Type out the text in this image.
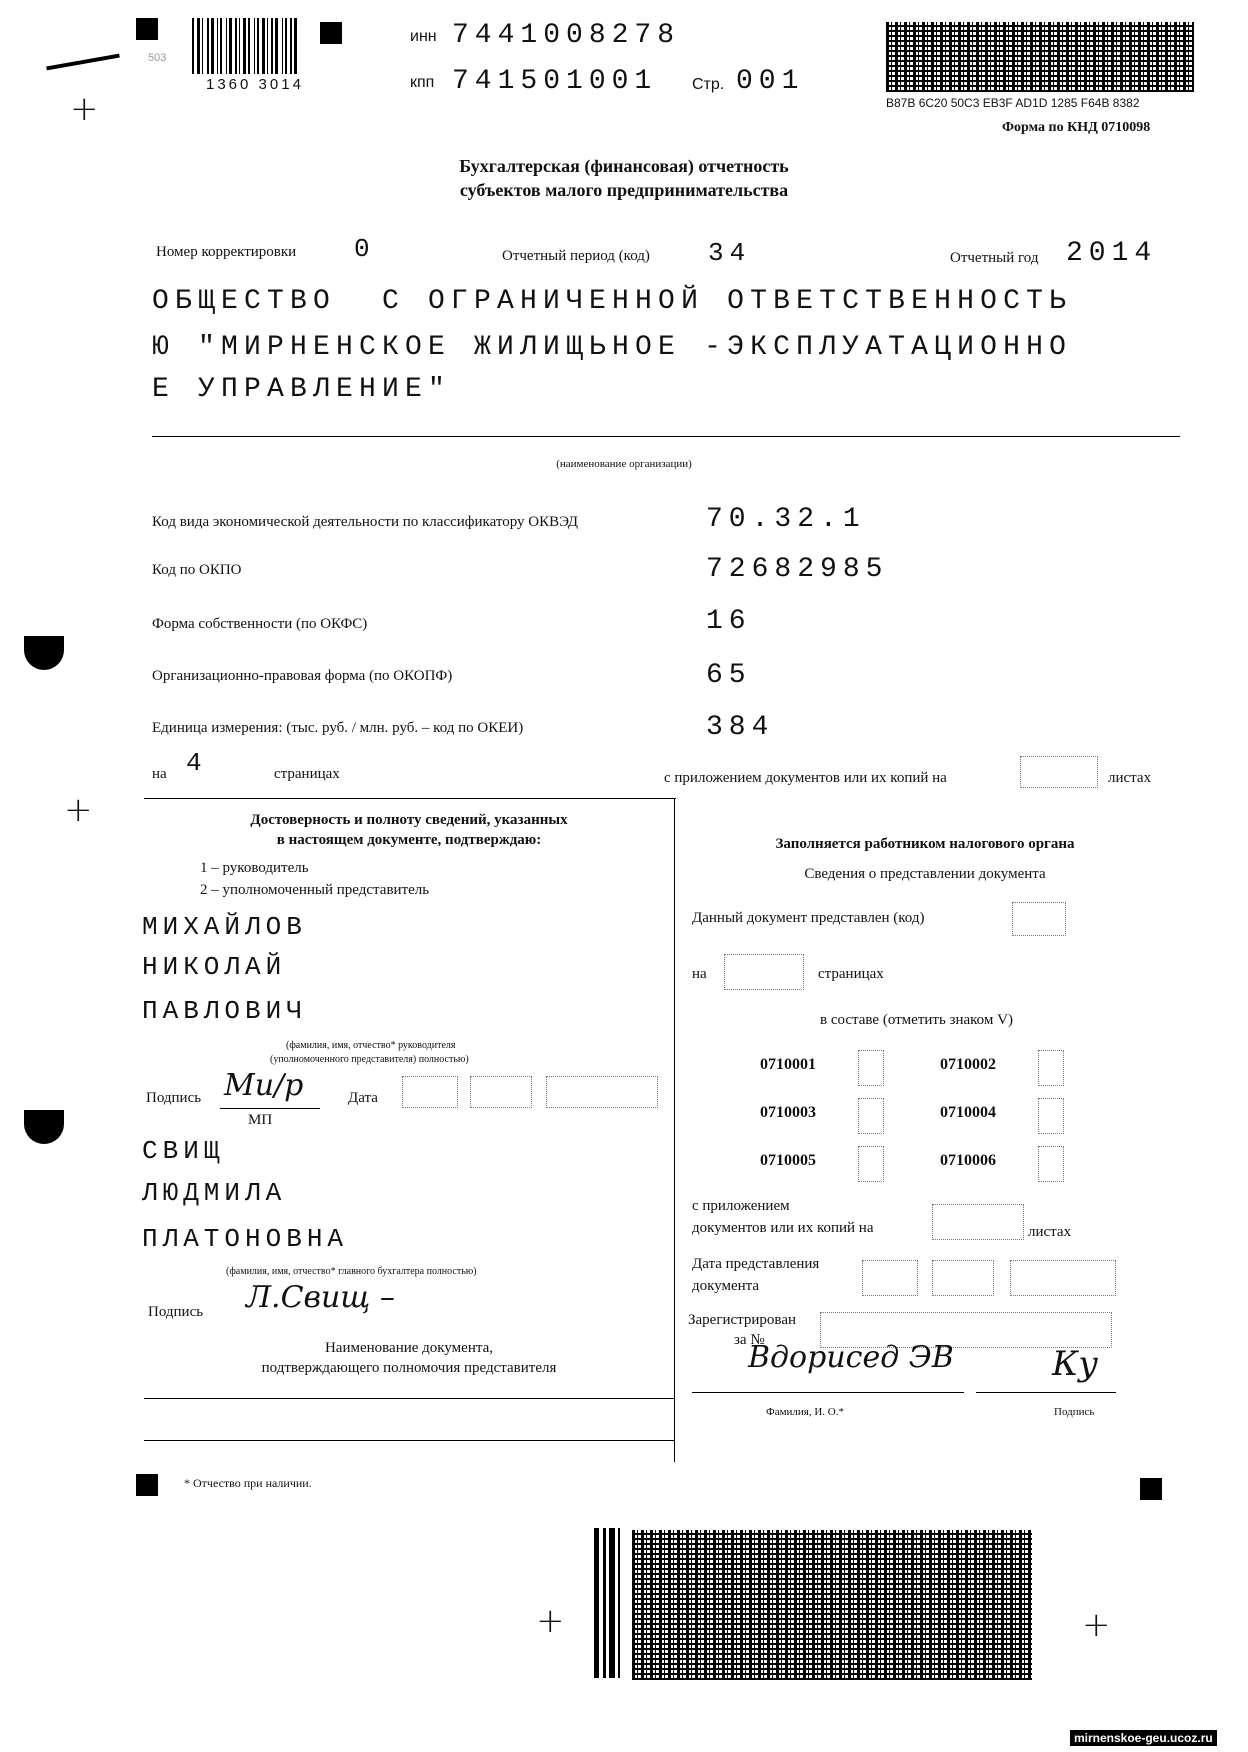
+
+
+	+
503
1360 3014
инн 7441008278
кпп 741501001 Стр. 001
B87B 6C20 50C3 EB3F AD1D 1285 F64B 8382
Форма по КНД 0710098
Бухгалтерская (финансовая) отчетность
субъектов малого предпринимательства
Номер корректировки 0	Отчетный период (код) 34	Отчетный год 2014
ОБЩЕСТВО  С ОГРАНИЧЕННОЙ ОТВЕТСТВЕННОСТЬ
Ю "МИРНЕНСКОЕ ЖИЛИЩЬНОЕ -ЭКСПЛУАТАЦИОННО
Е УПРАВЛЕНИЕ"
(наименование организации)
Код вида экономической деятельности по классификатору ОКВЭД	70.32.1
Код по ОКПО	72682985
Форма собственности (по ОКФС)	16
Организационно-правовая форма (по ОКОПФ)	65
Единица измерения: (тыс. руб. / млн. руб. – код по ОКЕИ)	384
на 4	страницах	с приложением документов или их копий на	листах
Достоверность и полноту сведений, указанных
в настоящем документе, подтверждаю:
1 – руководитель
2 – уполномоченный представитель
МИХАЙЛОВ
НИКОЛАЙ
ПАВЛОВИЧ
(фамилия, имя, отчество* руководителя
(уполномоченного представителя) полностью)
Подпись Ми/р	Дата
МП
СВИЩ
ЛЮДМИЛА
ПЛАТОНОВНА
(фамилия, имя, отчество* главного бухгалтера полностью)
Подпись Л.Свищ –
Наименование документа,
подтверждающего полномочия представителя
Заполняется работником налогового органа
Сведения о представлении документа
Данный документ представлен (код)
на	страницах
в составе (отметить знаком V)
0710001	0710002
0710003	0710004
0710005	0710006
с приложением
документов или их копий на	листах
Дата представления
документа
Зарегистрирован
за №
Вдорисед ЭВ	Ку
Фамилия, И. О.*	Подпись
* Отчество при наличии.
mirnenskoe-geu.ucoz.ru
